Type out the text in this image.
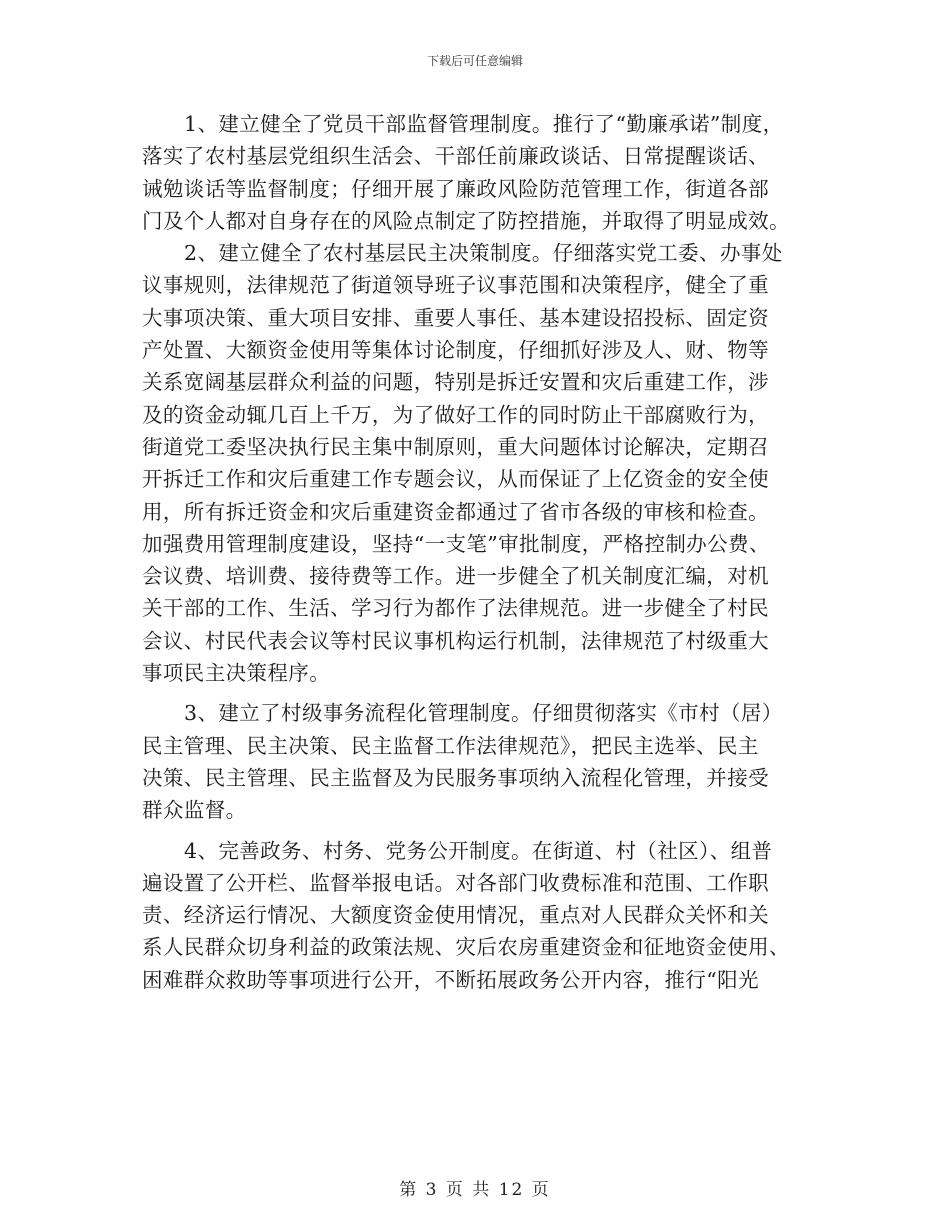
下载后可任意编辑
1、建立健全了党员干部监督管理制度。推行了“勤廉承诺”制度，
落实了农村基层党组织生活会、干部任前廉政谈话、日常提醒谈话、
诫勉谈话等监督制度；仔细开展了廉政风险防范管理工作，街道各部
门及个人都对自身存在的风险点制定了防控措施，并取得了明显成效。
2、建立健全了农村基层民主决策制度。仔细落实党工委、办事处
议事规则，法律规范了街道领导班子议事范围和决策程序，健全了重
大事项决策、重大项目安排、重要人事任、基本建设招投标、固定资
产处置、大额资金使用等集体讨论制度，仔细抓好涉及人、财、物等
关系宽阔基层群众利益的问题，特别是拆迁安置和灾后重建工作，涉
及的资金动辄几百上千万，为了做好工作的同时防止干部腐败行为，
街道党工委坚决执行民主集中制原则，重大问题体讨论解决，定期召
开拆迁工作和灾后重建工作专题会议，从而保证了上亿资金的安全使
用，所有拆迁资金和灾后重建资金都通过了省市各级的审核和检查。
加强费用管理制度建设，坚持“一支笔”审批制度，严格控制办公费、
会议费、培训费、接待费等工作。进一步健全了机关制度汇编，对机
关干部的工作、生活、学习行为都作了法律规范。进一步健全了村民
会议、村民代表会议等村民议事机构运行机制，法律规范了村级重大
事项民主决策程序。
3、建立了村级事务流程化管理制度。仔细贯彻落实《市村（居）
民主管理、民主决策、民主监督工作法律规范》，把民主选举、民主
决策、民主管理、民主监督及为民服务事项纳入流程化管理，并接受
群众监督。
4、完善政务、村务、党务公开制度。在街道、村（社区）、组普
遍设置了公开栏、监督举报电话。对各部门收费标准和范围、工作职
责、经济运行情况、大额度资金使用情况，重点对人民群众关怀和关
系人民群众切身利益的政策法规、灾后农房重建资金和征地资金使用、
困难群众救助等事项进行公开，不断拓展政务公开内容，推行“阳光
第 3 页 共 12 页
